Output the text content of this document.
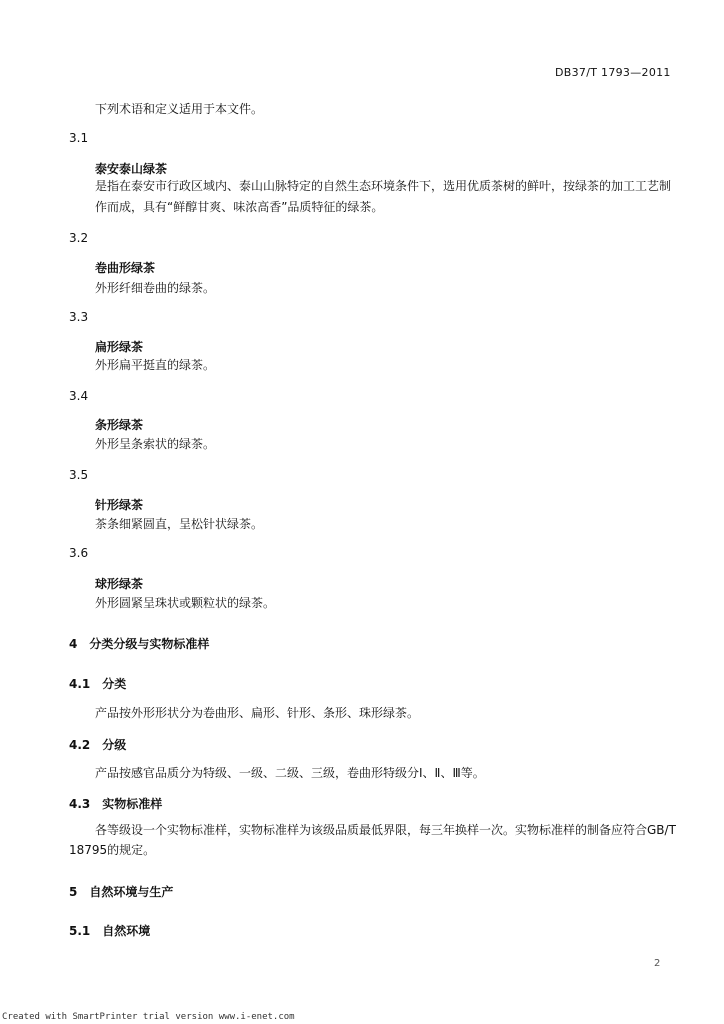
DB37/T 1793—2011
下列术语和定义适用于本文件。
3.1
泰安泰山绿茶
是指在泰安市行政区域内、泰山山脉特定的自然生态环境条件下，选用优质茶树的鲜叶，按绿茶的加工工艺制作而成，具有“鲜醇甘爽、味浓高香”品质特征的绿茶。
3.2
卷曲形绿茶
外形纤细卷曲的绿茶。
3.3
扁形绿茶
外形扁平挺直的绿茶。
3.4
条形绿茶
外形呈条索状的绿茶。
3.5
针形绿茶
茶条细紧圆直，呈松针状绿茶。
3.6
球形绿茶
外形圆紧呈珠状或颗粒状的绿茶。
4　分类分级与实物标准样
4.1　分类
产品按外形形状分为卷曲形、扁形、针形、条形、珠形绿茶。
4.2　分级
产品按感官品质分为特级、一级、二级、三级，卷曲形特级分Ⅰ、Ⅱ、Ⅲ等。
4.3　实物标准样
各等级设一个实物标准样，实物标准样为该级品质最低界限，每三年换样一次。实物标准样的制备应符合GB/T 18795的规定。
5　自然环境与生产
5.1　自然环境
2
Created with SmartPrinter trial version www.i-enet.com
